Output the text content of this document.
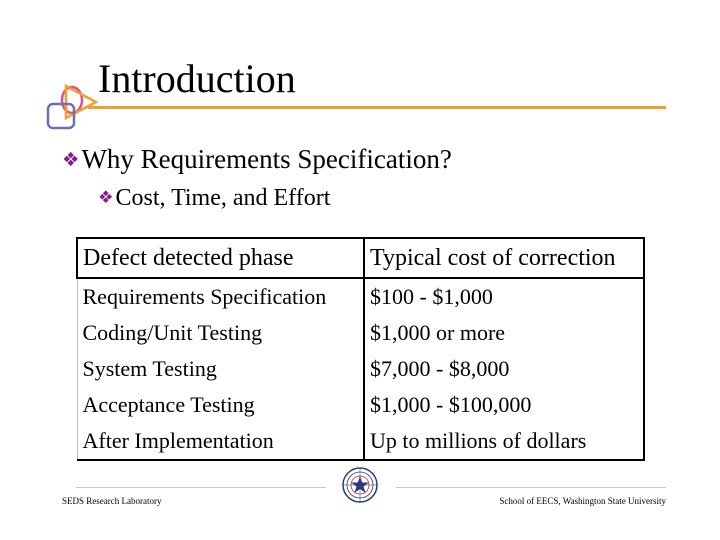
Introduction
❖Why Requirements Specification?
❖Cost, Time, and Effort
Defect detected phase	Typical cost of correction
Requirements Specification	$100 - $1,000
Coding/Unit Testing	$1,000 or more
System Testing	$7,000 - $8,000
Acceptance Testing	$1,000 - $100,000
After Implementation	Up to millions of dollars
SEDS Research Laboratory	School of EECS, Washington State University
